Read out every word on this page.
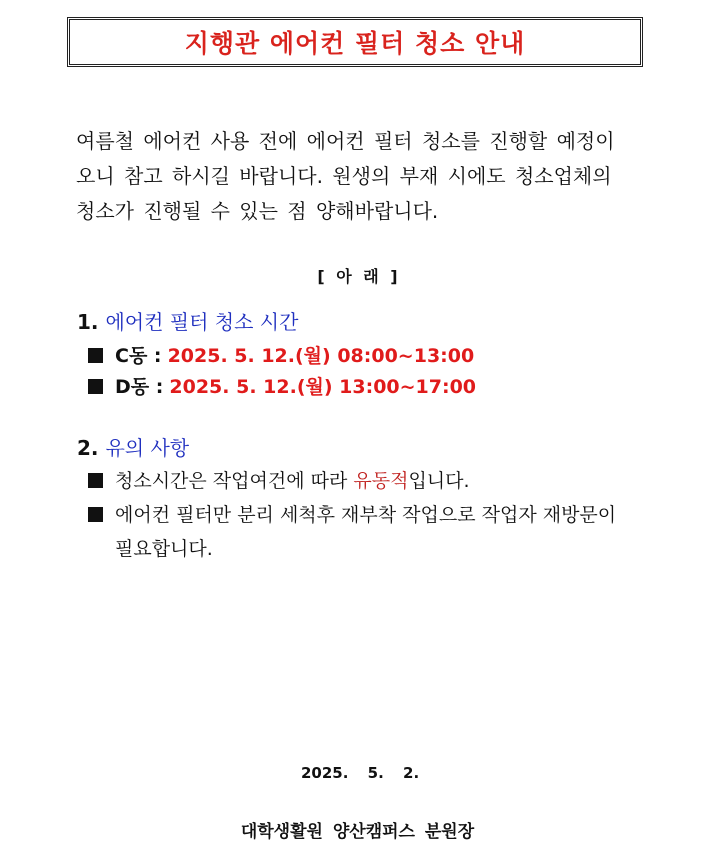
지행관 에어컨 필터 청소 안내
여름철 에어컨 사용 전에 에어컨 필터 청소를 진행할 예정이
오니 참고 하시길 바랍니다. 원생의 부재 시에도 청소업체의
청소가 진행될 수 있는 점 양해바랍니다.
[ 아 래 ]
1. 에어컨 필터 청소 시간
C동 :
2025. 5. 12.(월) 08:00~13:00
D동 :
2025. 5. 12.(월) 13:00~17:00
2. 유의 사항
청소시간은 작업여건에 따라 유동적 입니다.
에어컨 필터만 분리 세척후 재부착 작업으로 작업자 재방문이
필요합니다.
2025. 5. 2.
대학생활원 양산캠퍼스 분원장
